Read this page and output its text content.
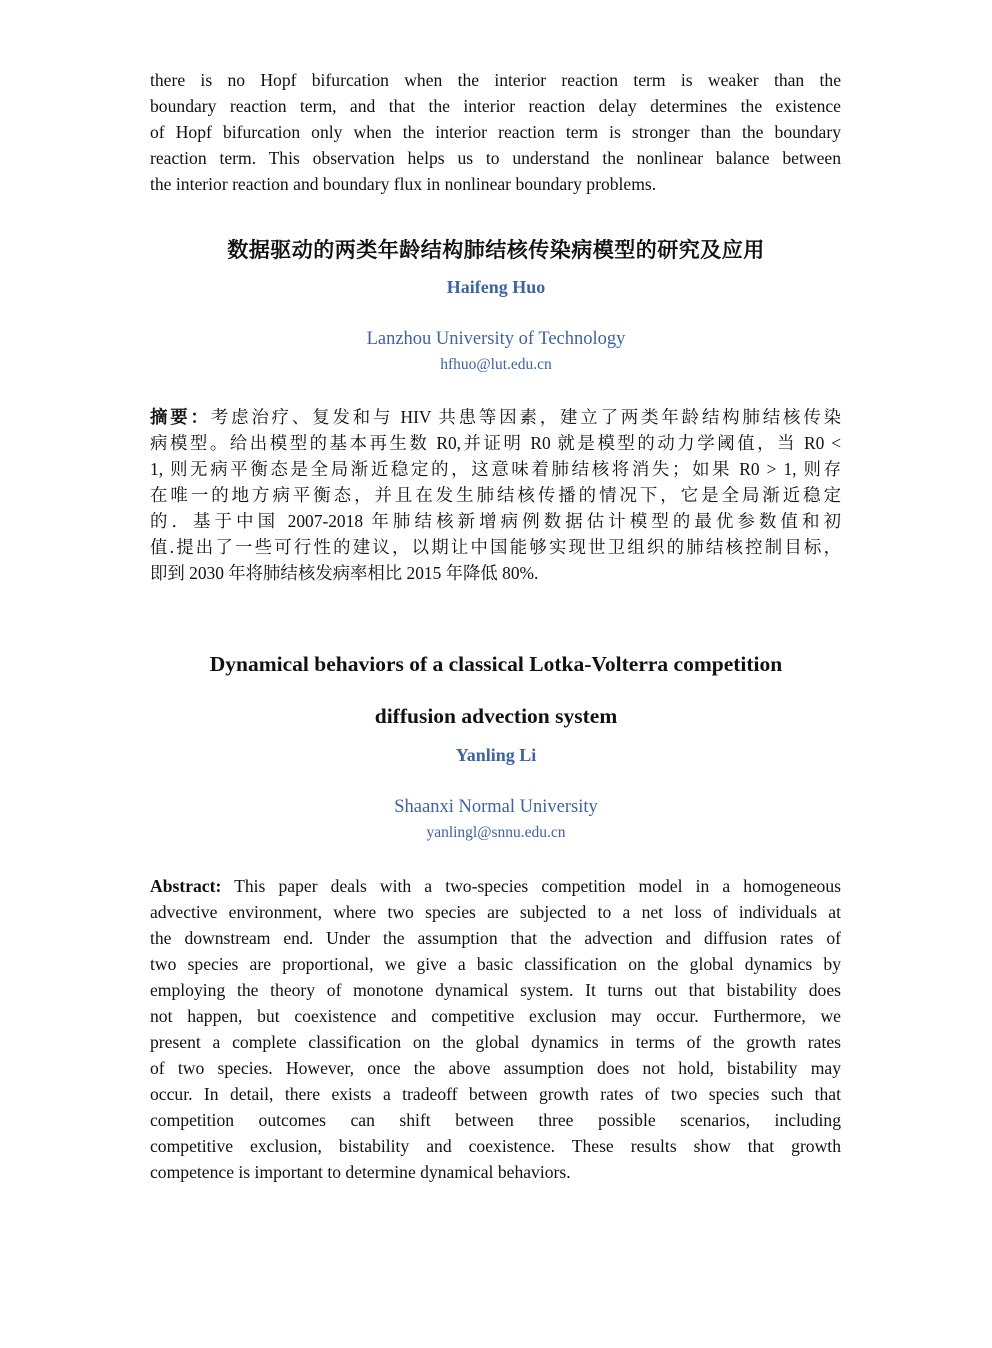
there is no Hopf bifurcation when the interior reaction term is weaker than the
boundary reaction term, and that the interior reaction delay determines the existence
of Hopf bifurcation only when the interior reaction term is stronger than the boundary
reaction term. This observation helps us to understand the nonlinear balance between
the interior reaction and boundary flux in nonlinear boundary problems.
数据驱动的两类年龄结构肺结核传染病模型的研究及应用
Haifeng Huo
Lanzhou University of Technology
hfhuo@lut.edu.cn
摘要：考虑治疗、复发和与 HIV 共患等因素，建立了两类年龄结构肺结核传染
病模型。给出模型的基本再生数 R0,并证明 R0 就是模型的动力学阈值，当 R0 <
1, 则无病平衡态是全局渐近稳定的，这意味着肺结核将消失；如果 R0 > 1, 则存
在唯一的地方病平衡态，并且在发生肺结核传播的情况下，它是全局渐近稳定
的．基于中国 2007-2018 年肺结核新增病例数据估计模型的最优参数值和初
值.提出了一些可行性的建议，以期让中国能够实现世卫组织的肺结核控制目标，
即到 2030 年将肺结核发病率相比 2015 年降低 80%.
Dynamical behaviors of a classical Lotka-Volterra competition
diffusion advection system
Yanling Li
Shaanxi Normal University
yanlingl@snnu.edu.cn
Abstract: This paper deals with a two-species competition model in a homogeneous
advective environment, where two species are subjected to a net loss of individuals at
the downstream end. Under the assumption that the advection and diffusion rates of
two species are proportional, we give a basic classification on the global dynamics by
employing the theory of monotone dynamical system. It turns out that bistability does
not happen, but coexistence and competitive exclusion may occur. Furthermore, we
present a complete classification on the global dynamics in terms of the growth rates
of two species. However, once the above assumption does not hold, bistability may
occur. In detail, there exists a tradeoff between growth rates of two species such that
competition outcomes can shift between three possible scenarios, including
competitive exclusion, bistability and coexistence. These results show that growth
competence is important to determine dynamical behaviors.
